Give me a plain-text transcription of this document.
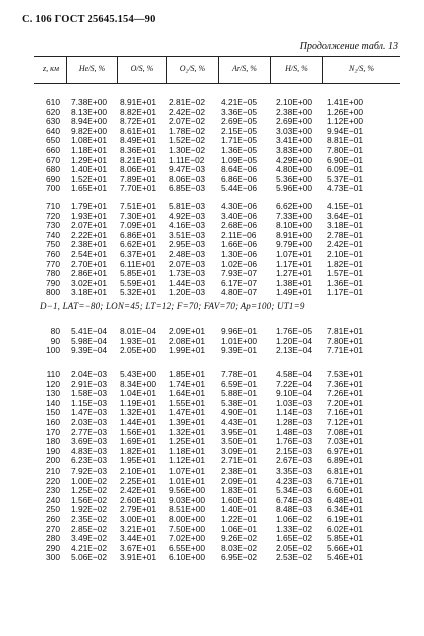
С. 106 ГОСТ 25645.154—90
Продолжение табл. 13
z, км	He/S, %	O/S, %	O₂/S, %	Ar/S, %	H/S, %	N₂/S, %
D−1, LAT=−80; LON=45; LT=12; F=70; FAV=70; Ap=100; UT1=9
610 7.38E+00 8.91E+01 2.81E−02 4.21E−05 2.10E+00 1.41E+00
620 8.13E+00 8.82E+01 2.42E−02 3.36E−05 2.38E+00 1.26E+00
630 8.94E+00 8.72E+01 2.07E−02 2.69E−05 2.69E+00 1.12E+00
640 9.82E+00 8.61E+01 1.78E−02 2.15E−05 3.03E+00 9.94E−01
650 1.08E+01 8.49E+01 1.52E−02 1.71E−05 3.41E+00 8.81E−01
660 1.18E+01 8.36E+01 1.30E−02 1.36E−05 3.83E+00 7.80E−01
670 1.29E+01 8.21E+01 1.11E−02 1.09E−05 4.29E+00 6.90E−01
680 1.40E+01 8.06E+01 9.47E−03 8.64E−06 4.80E+00 6.09E−01
690 1.52E+01 7.89E+01 8.06E−03 6.86E−06 5.36E+00 5.37E−01
700 1.65E+01 7.70E+01 6.85E−03 5.44E−06 5.96E+00 4.73E−01
710 1.79E+01 7.51E+01 5.81E−03 4.30E−06 6.62E+00 4.15E−01
720 1.93E+01 7.30E+01 4.92E−03 3.40E−06 7.33E+00 3.64E−01
730 2.07E+01 7.09E+01 4.16E−03 2.68E−06 8.10E+00 3.18E−01
740 2.22E+01 6.86E+01 3.51E−03 2.11E−06 8.91E+00 2.78E−01
750 2.38E+01 6.62E+01 2.95E−03 1.66E−06 9.79E+00 2.42E−01
760 2.54E+01 6.37E+01 2.48E−03 1.30E−06 1.07E+01 2.10E−01
770 2.70E+01 6.11E+01 2.07E−03 1.02E−06 1.17E+01 1.82E−01
780 2.86E+01 5.85E+01 1.73E−03 7.93E−07 1.27E+01 1.57E−01
790 3.02E+01 5.59E+01 1.44E−03 6.17E−07 1.38E+01 1.36E−01
800 3.18E+01 5.32E+01 1.20E−03 4.80E−07 1.49E+01 1.17E−01
80 5.41E−04 8.01E−04 2.09E+01 9.96E−01 1.76E−05 7.81E+01
90 5.98E−04 1.93E−01 2.08E+01 1.01E+00 1.20E−04 7.80E+01
100 9.39E−04 2.05E+00 1.99E+01 9.39E−01 2.13E−04 7.71E+01
110 2.04E−03 5.43E+00 1.85E+01 7.78E−01 4.58E−04 7.53E+01
120 2.91E−03 8.34E+00 1.74E+01 6.59E−01 7.22E−04 7.36E+01
130 1.58E−03 1.04E+01 1.64E+01 5.88E−01 9.10E−04 7.26E+01
140 1.15E−03 1.19E+01 1.55E+01 5.38E−01 1.03E−03 7.20E+01
150 1.47E−03 1.32E+01 1.47E+01 4.90E−01 1.14E−03 7.16E+01
160 2.03E−03 1.44E+01 1.39E+01 4.43E−01 1.28E−03 7.12E+01
170 2.77E−03 1.56E+01 1.32E+01 3.95E−01 1.48E−03 7.08E+01
180 3.69E−03 1.69E+01 1.25E+01 3.50E−01 1.76E−03 7.03E+01
190 4.83E−03 1.82E+01 1.18E+01 3.09E−01 2.15E−03 6.97E+01
200 6.23E−03 1.95E+01 1.12E+01 2.71E−01 2.67E−03 6.89E+01
210 7.92E−03 2.10E+01 1.07E+01 2.38E−01 3.35E−03 6.81E+01
220 1.00E−02 2.25E+01 1.01E+01 2.09E−01 4.23E−03 6.71E+01
230 1.25E−02 2.42E+01 9.56E+00 1.83E−01 5.34E−03 6.60E+01
240 1.56E−02 2.60E+01 9.03E+00 1.60E−01 6.74E−03 6.48E+01
250 1.92E−02 2.79E+01 8.51E+00 1.40E−01 8.48E−03 6.34E+01
260 2.35E−02 3.00E+01 8.00E+00 1.22E−01 1.06E−02 6.19E+01
270 2.85E−02 3.21E+01 7.50E+00 1.06E−01 1.33E−02 6.02E+01
280 3.49E−02 3.44E+01 7.02E+00 9.26E−02 1.65E−02 5.85E+01
290 4.21E−02 3.67E+01 6.55E+00 8.03E−02 2.05E−02 5.66E+01
300 5.06E−02 3.91E+01 6.10E+00 6.95E−02 2.53E−02 5.46E+01
